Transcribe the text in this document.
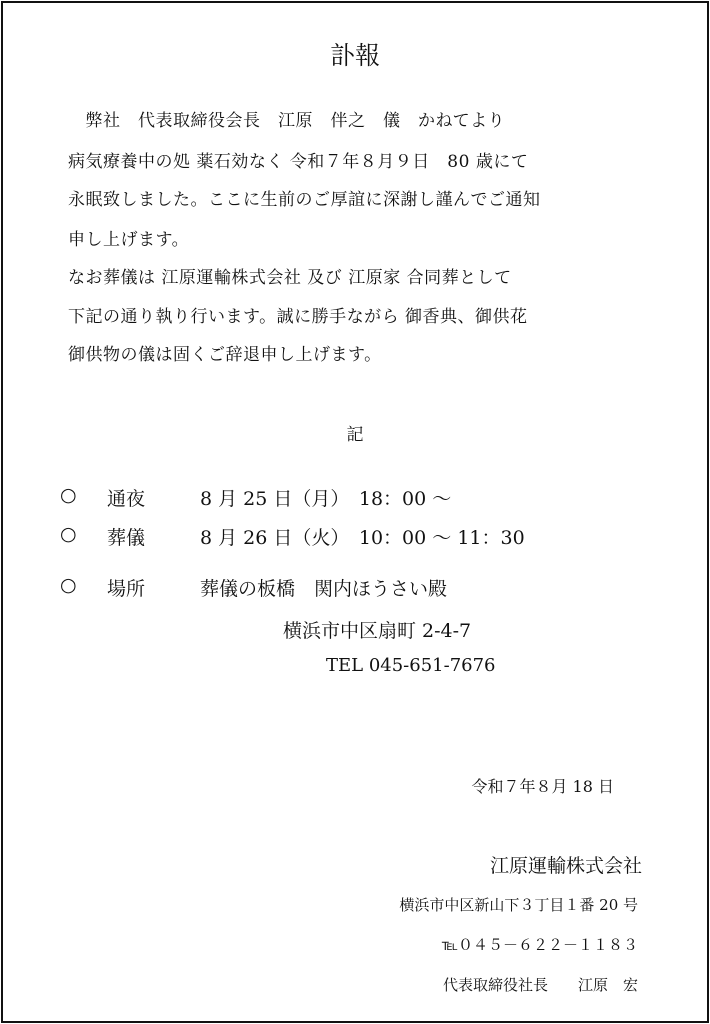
訃報
　弊社　代表取締役会長　江原　伴之　儀　かねてより
病気療養中の処 薬石効なく 令和７年８月９日　80 歳にて
永眠致しました。ここに生前のご厚誼に深謝し謹んでご通知
申し上げます。
なお葬儀は 江原運輸株式会社 及び 江原家 合同葬として
下記の通り執り行います。誠に勝手ながら 御香典、御供花
御供物の儀は固くご辞退申し上げます。
記
○ 通夜	8 月 25 日（月）　18：00 ～
○ 葬儀	8 月 26 日（火）　10：00 ～ 11：30
○ 場所	葬儀の板橋　関内ほうさい殿
横浜市中区扇町 2-4-7
TEL 045-651-7676
令和７年８月 18 日
江原運輸株式会社
横浜市中区新山下３丁目１番 20 号
℡０４５－６２２－１１８３
代表取締役社長　　江原　宏
